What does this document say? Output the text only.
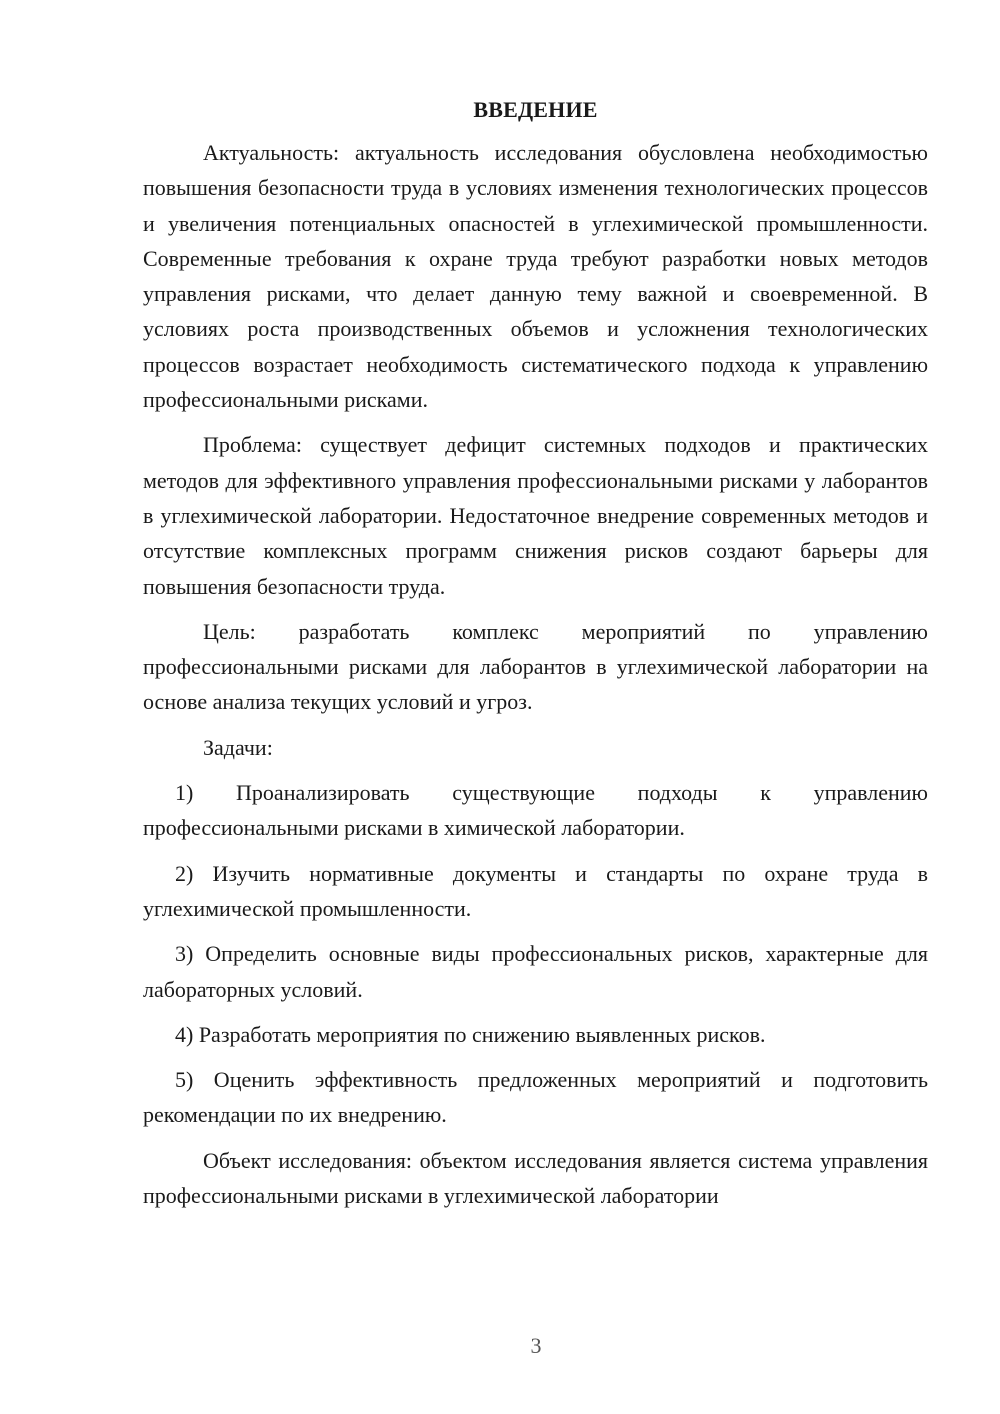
ВВЕДЕНИЕ

Актуальность: актуальность исследования обусловлена необходимостью повышения безопасности труда в условиях изменения технологических процессов и увеличения потенциальных опасностей в углехимической промышленности. Современные требования к охране труда требуют разработки новых методов управления рисками, что делает данную тему важной и своевременной. В условиях роста производственных объемов и усложнения технологических процессов возрастает необходимость систематического подхода к управлению профессиональными рисками.

Проблема: существует дефицит системных подходов и практических методов для эффективного управления профессиональными рисками у лаборантов в углехимической лаборатории. Недостаточное внедрение современных методов и отсутствие комплексных программ снижения рисков создают барьеры для повышения безопасности труда.

Цель: разработать комплекс мероприятий по управлению профессиональными рисками для лаборантов в углехимической лаборатории на основе анализа текущих условий и угроз.

Задачи:

1) Проанализировать существующие подходы к управлению профессиональными рисками в химической лаборатории.

2) Изучить нормативные документы и стандарты по охране труда в углехимической промышленности.

3) Определить основные виды профессиональных рисков, характерные для лабораторных условий.

4) Разработать мероприятия по снижению выявленных рисков.

5) Оценить эффективность предложенных мероприятий и подготовить рекомендации по их внедрению.

Объект исследования: объектом исследования является система управления профессиональными рисками в углехимической лаборатории

3
